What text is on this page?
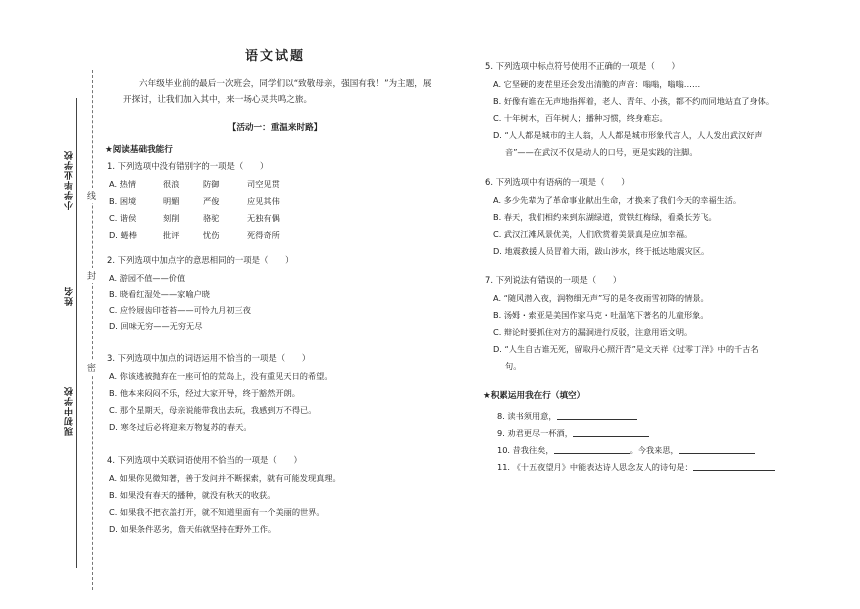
小学毕业学校
姓名
现初中学校
线
封
密
语文试题
六年级毕业前的最后一次班会，同学们以“致敬母亲，强国有我！”为主题，展开探讨，让我们加入其中，来一场心灵共鸣之旅。
【活动一：重温来时路】
★阅读基础我能行
1. 下列选项中没有错别字的一项是（　　）
A. 热情	很浪	防御	司空见贯
B. 困境	明媚	严俊	应见其伟
C. 谐侯	刻削	骆驼	无独有偶
D. 蜷棒	批评	忧伤	死得奇所
2. 下列选项中加点字的意思相同的一项是（　　）
A. 游园不值——价值
B. 晓看红湿处——家喻户晓
C. 应怜屐齿印苍苔——可怜九月初三夜
D. 回味无穷——无穷无尽
3. 下列选项中加点的词语运用不恰当的一项是（　　）
A. 你该逃被抛弃在一座可怕的荒岛上，没有重见天日的希望。
B. 他本来闷闷不乐，经过大家开导，终于豁然开朗。
C. 那个星期天，母亲说能带我出去玩，我感到万不得已。
D. 寒冬过后必将迎来万物复苏的春天。
4. 下列选项中关联词语使用不恰当的一项是（　　）
A. 如果你见微知著，善于发问并不断探索，就有可能发现真理。
B. 如果没有春天的播种，就没有秋天的收获。
C. 如果我不把衣盖打开，就不知道里面有一个美丽的世界。
D. 如果条件恶劣，詹天佑就坚持在野外工作。
5. 下列选项中标点符号使用不正确的一项是（　　）
A. 它坚硬的麦茬里还会发出清脆的声音：嗡嗡，嗡嗡……
B. 好像有谁在无声地指挥着，老人、青年、小孩，都不约而同地站直了身体。
C. 十年树木，百年树人；播种习惯，终身难忘。
D. “人人都是城市的主人翁，人人都是城市形象代言人，人人发出武汉好声
音”——在武汉不仅是动人的口号，更是实践的注脚。
6. 下列选项中有语病的一项是（　　）
A. 多少先辈为了革命事业献出生命，才换来了我们今天的幸福生活。
B. 春天，我们相约来到东湖绿道，赏铁红梅绿，看桑长芳飞。
C. 武汉江滩风景优美，人们欣赏着美景真是应加幸福。
D. 地震救援人员冒着大雨，跋山涉水，终于抵达地震灾区。
7. 下列说法有错误的一项是（　　）
A. “随风潜入夜，润物细无声”写的是冬夜雨雪初降的情景。
B. 汤姆・索亚是美国作家马克・吐温笔下著名的儿童形象。
C. 辩论时要抓住对方的漏洞进行反驳，注意用语文明。
D. “人生自古谁无死，留取丹心照汗青”是文天祥《过零丁洋》中的千古名
句。
★积累运用我在行（填空）
8. 读书须用意，
9. 劝君更尽一杯酒，
10. 昔我往矣，	。今我来思，
11. 《十五夜望月》中能表达诗人思念友人的诗句是：
